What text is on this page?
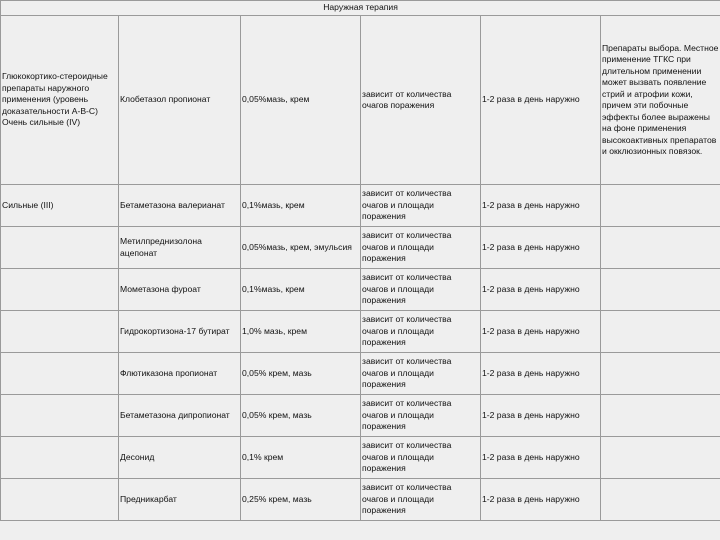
Наружная терапия					
Глюкокортико-стероидные препараты наружного применения (уровень доказательности A-B-C) Очень сильные (IV)	Клобетазол пропионат	0,05%мазь, крем	зависит от количества очагов поражения	1-2 раза в день наружно	Препараты выбора. Местное применение ТГКС при длительном применении может вызвать появление стрий и атрофии кожи, причем эти побочные эффекты более выражены на фоне применения высокоактивных препаратов и окклюзионных повязок.
Сильные (III)	Бетаметазона валерианат	0,1%мазь, крем	зависит от количества очагов и площади поражения	1-2 раза в день наружно	
	Метилпреднизолона ацепонат	0,05%мазь, крем, эмульсия	зависит от количества очагов и площади поражения	1-2 раза в день наружно	
	Мометазона фуроат	0,1%мазь, крем	зависит от количества очагов и площади поражения	1-2 раза в день наружно	
	Гидрокортизона-17 бутират	1,0% мазь, крем	зависит от количества очагов и площади поражения	1-2 раза в день наружно	
	Флютиказона пропионат	0,05% крем, мазь	зависит от количества очагов и площади поражения	1-2 раза в день наружно	
	Бетаметазона дипропионат	0,05% крем, мазь	зависит от количества очагов и площади поражения	1-2 раза в день наружно	
	Десонид	0,1% крем	зависит от количества очагов и площади поражения	1-2 раза в день наружно	
	Предникарбат	0,25% крем, мазь	зависит от количества очагов и площади поражения	1-2 раза в день наружно	
